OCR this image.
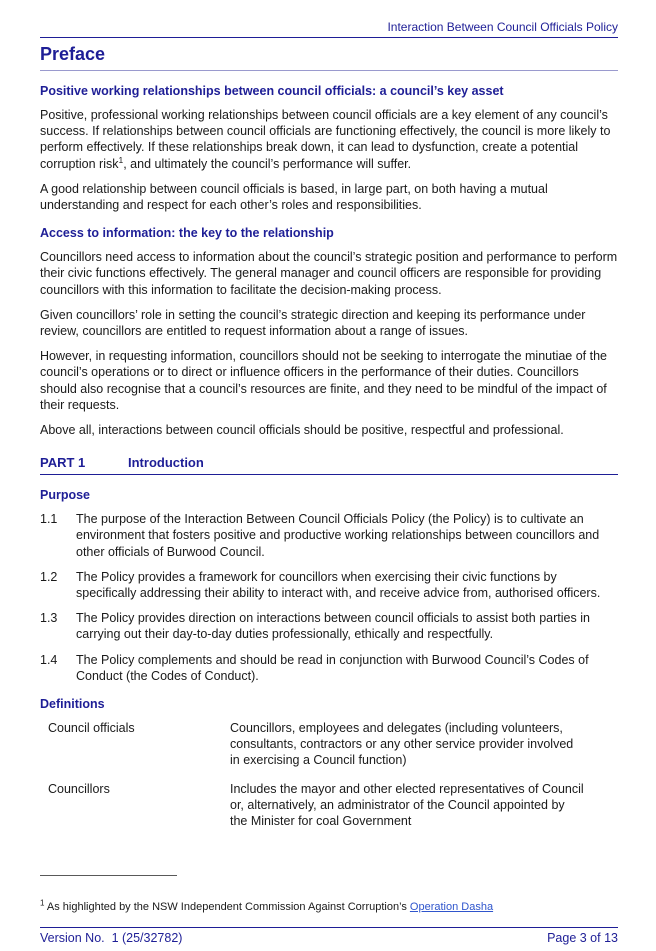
Interaction Between Council Officials Policy
Preface
Positive working relationships between council officials: a council’s key asset

Positive, professional working relationships between council officials are a key element of any council’s success. If relationships between council officials are functioning effectively, the council is more likely to perform effectively. If these relationships break down, it can lead to dysfunction, create a potential corruption risk$^1$, and ultimately the council’s performance will suffer.

A good relationship between council officials is based, in large part, on both having a mutual understanding and respect for each other’s roles and responsibilities.

Access to information: the key to the relationship

Councillors need access to information about the council’s strategic position and performance to perform their civic functions effectively. The general manager and council officers are responsible for providing councillors with this information to facilitate the decision-making process.

Given councillors’ role in setting the council’s strategic direction and keeping its performance under review, councillors are entitled to request information about a range of issues.

However, in requesting information, councillors should not be seeking to interrogate the minutiae of the council’s operations or to direct or influence officers in the performance of their duties. Councillors should also recognise that a council’s resources are finite, and they need to be mindful of the impact of their requests.

Above all, interactions between council officials should be positive, respectful and professional.

PART 1	Introduction
Purpose
1.1	The purpose of the Interaction Between Council Officials Policy (the Policy) is to cultivate an environment that fosters positive and productive working relationships between councillors and other officials of Burwood Council.
1.2	The Policy provides a framework for councillors when exercising their civic functions by specifically addressing their ability to interact with, and receive advice from, authorised officers.
1.3	The Policy provides direction on interactions between council officials to assist both parties in carrying out their day-to-day duties professionally, ethically and respectfully.
1.4	The Policy complements and should be read in conjunction with Burwood Council’s Codes of Conduct (the Codes of Conduct).
Definitions
Council officials	Councillors, employees and delegates (including volunteers, consultants, contractors or any other service provider involved in exercising a Council function)
Councillors	Includes the mayor and other elected representatives of Council or, alternatively, an administrator of the Council appointed by the Minister for coal Government

$^1$ As highlighted by the NSW Independent Commission Against Corruption’s Operation Dasha

Version No.  1 (25/32782)	Page 3 of 13
